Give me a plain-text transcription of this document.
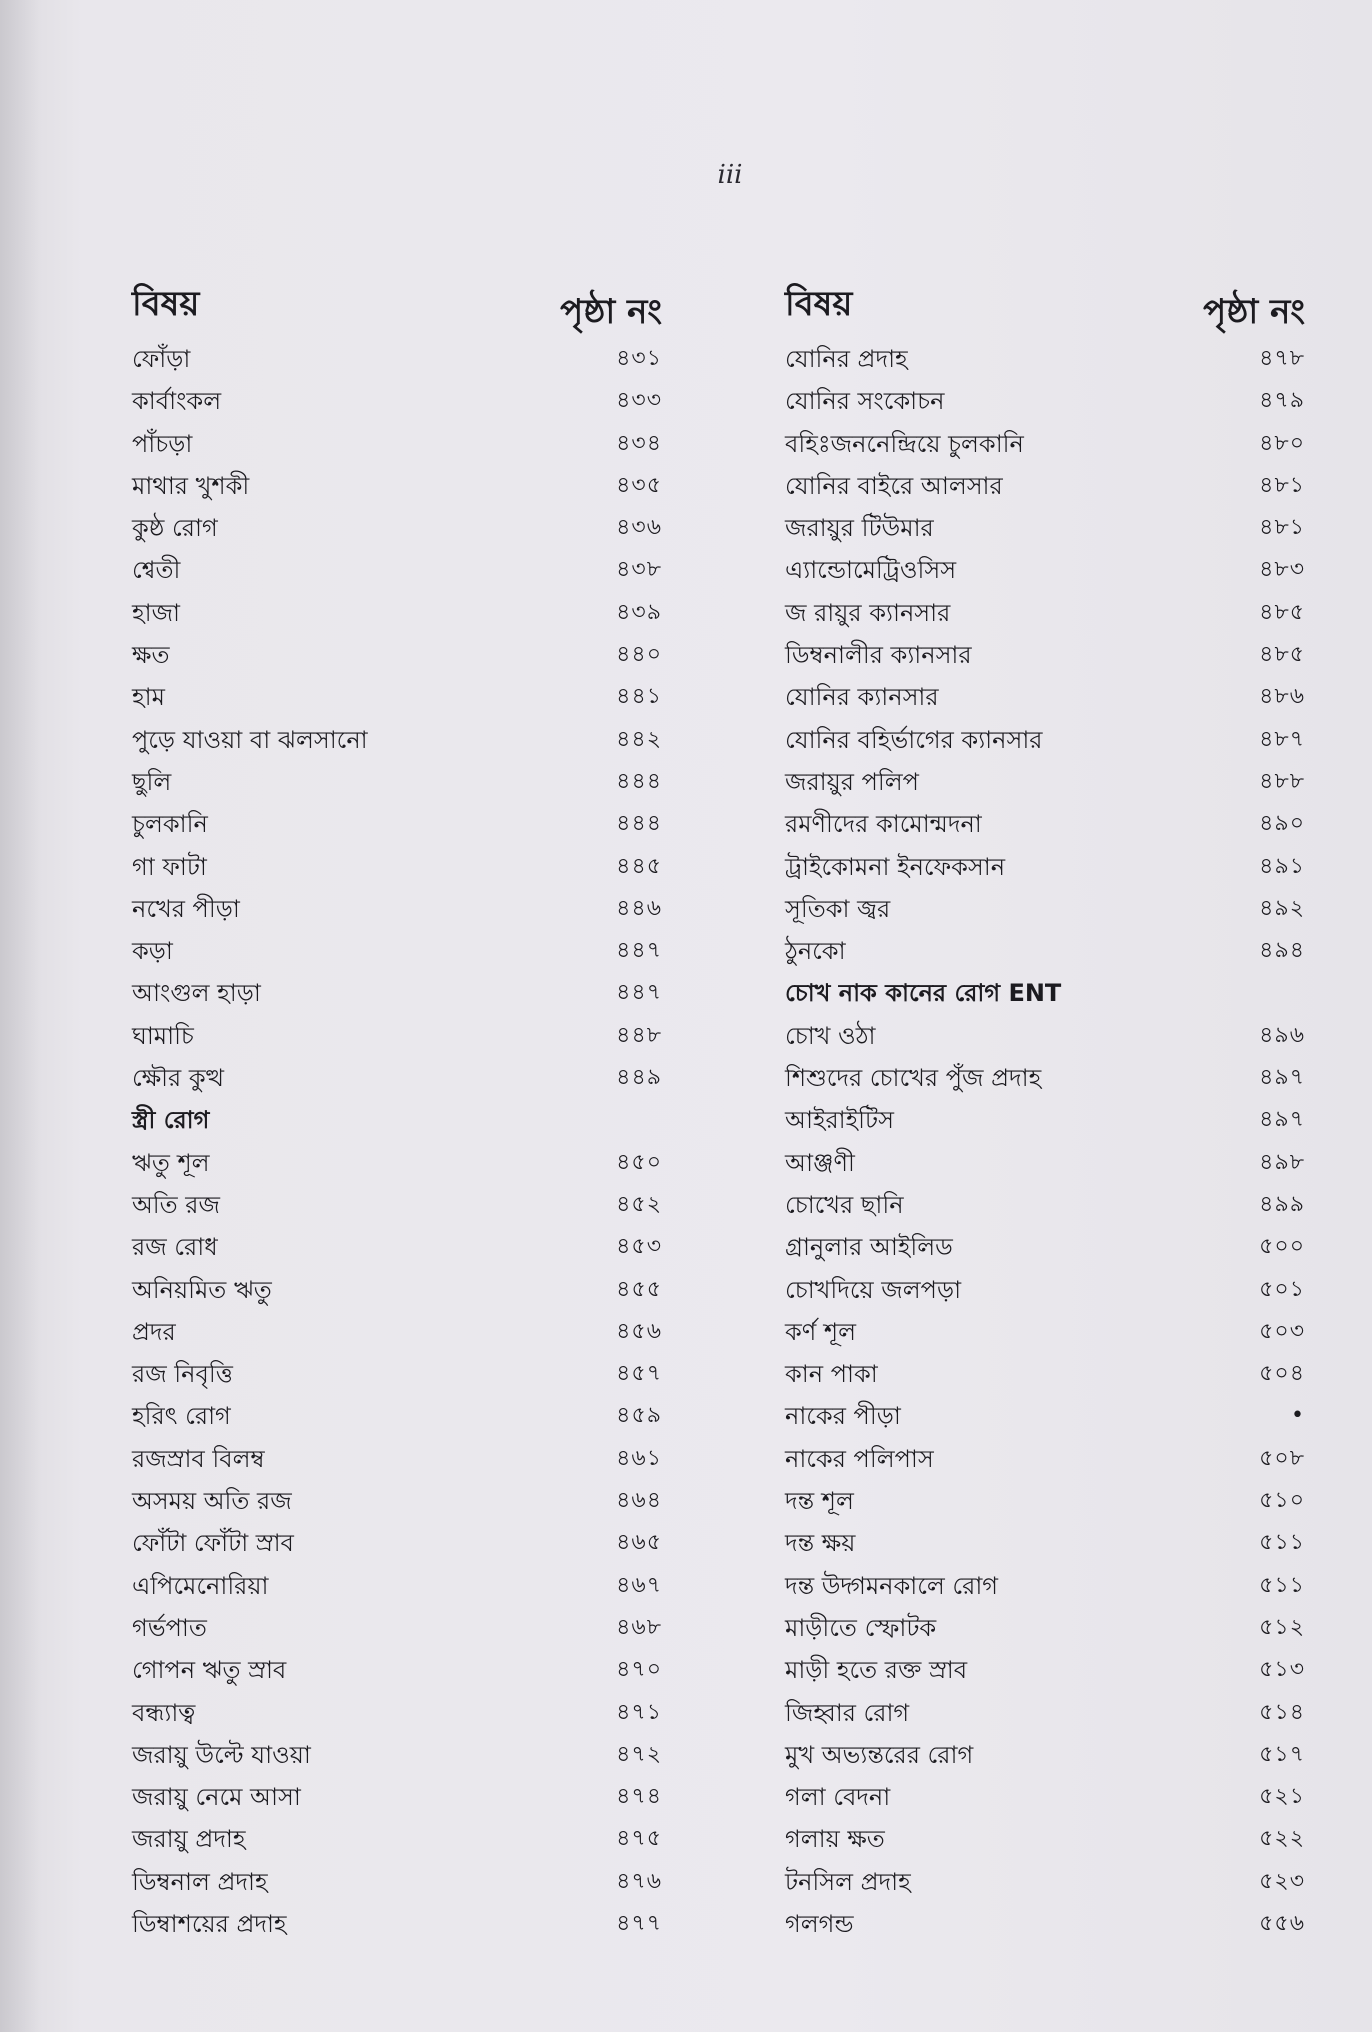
iii
বিষয়	পৃষ্ঠা নং
ফোঁড়া	৪৩১
কার্বাংকল	৪৩৩
পাঁচড়া	৪৩৪
মাথার খুশকী	৪৩৫
কুষ্ঠ রোগ	৪৩৬
শ্বেতী	৪৩৮
হাজা	৪৩৯
ক্ষত	৪৪০
হাম	৪৪১
পুড়ে যাওয়া বা ঝলসানো	৪৪২
ছুলি	৪৪৪
চুলকানি	৪৪৪
গা ফাটা	৪৪৫
নখের পীড়া	৪৪৬
কড়া	৪৪৭
আংগুল হাড়া	৪৪৭
ঘামাচি	৪৪৮
ক্ষৌর কুত্থ	৪৪৯
স্ত্রী রোগ
ঋতু শূল	৪৫০
অতি রজ	৪৫২
রজ রোধ	৪৫৩
অনিয়মিত ঋতু	৪৫৫
প্রদর	৪৫৬
রজ নিবৃত্তি	৪৫৭
হরিৎ রোগ	৪৫৯
রজস্রাব বিলম্ব	৪৬১
অসময় অতি রজ	৪৬৪
ফোঁটা ফোঁটা স্রাব	৪৬৫
এপিমেনোরিয়া	৪৬৭
গর্ভপাত	৪৬৮
গোপন ঋতু স্রাব	৪৭০
বন্ধ্যাত্ব	৪৭১
জরায়ু উল্টে যাওয়া	৪৭২
জরায়ু নেমে আসা	৪৭৪
জরায়ু প্রদাহ	৪৭৫
ডিম্বনাল প্রদাহ	৪৭৬
ডিম্বাশয়ের প্রদাহ	৪৭৭
বিষয়	পৃষ্ঠা নং
যোনির প্রদাহ	৪৭৮
যোনির সংকোচন	৪৭৯
বহিঃজননেন্দ্রিয়ে চুলকানি	৪৮০
যোনির বাইরে আলসার	৪৮১
জরায়ুর টিউমার	৪৮১
এ্যান্ডোমেট্রিওসিস	৪৮৩
জ রায়ুর ক্যানসার	৪৮৫
ডিম্বনালীর ক্যানসার	৪৮৫
যোনির ক্যানসার	৪৮৬
যোনির বহির্ভাগের ক্যানসার	৪৮৭
জরায়ুর পলিপ	৪৮৮
রমণীদের কামোন্মদনা	৪৯০
ট্রাইকোমনা ইনফেকসান	৪৯১
সূতিকা জ্বর	৪৯২
ঠুনকো	৪৯৪
চোখ নাক কানের রোগ ENT
চোখ ওঠা	৪৯৬
শিশুদের চোখের পুঁজ প্রদাহ	৪৯৭
আইরাইটিস	৪৯৭
আঞ্জণী	৪৯৮
চোখের ছানি	৪৯৯
গ্রানুলার আইলিড	৫০০
চোখদিয়ে জলপড়া	৫০১
কর্ণ শূল	৫০৩
কান পাকা	৫০৪
নাকের পীড়া	•
নাকের পলিপাস	৫০৮
দন্ত শূল	৫১০
দন্ত ক্ষয়	৫১১
দন্ত উদ্গমনকালে রোগ	৫১১
মাড়ীতে স্ফোটক	৫১২
মাড়ী হতে রক্ত স্রাব	৫১৩
জিহ্বার রোগ	৫১৪
মুখ অভ্যন্তরের রোগ	৫১৭
গলা বেদনা	৫২১
গলায় ক্ষত	৫২২
টনসিল প্রদাহ	৫২৩
গলগন্ড	৫৫৬
